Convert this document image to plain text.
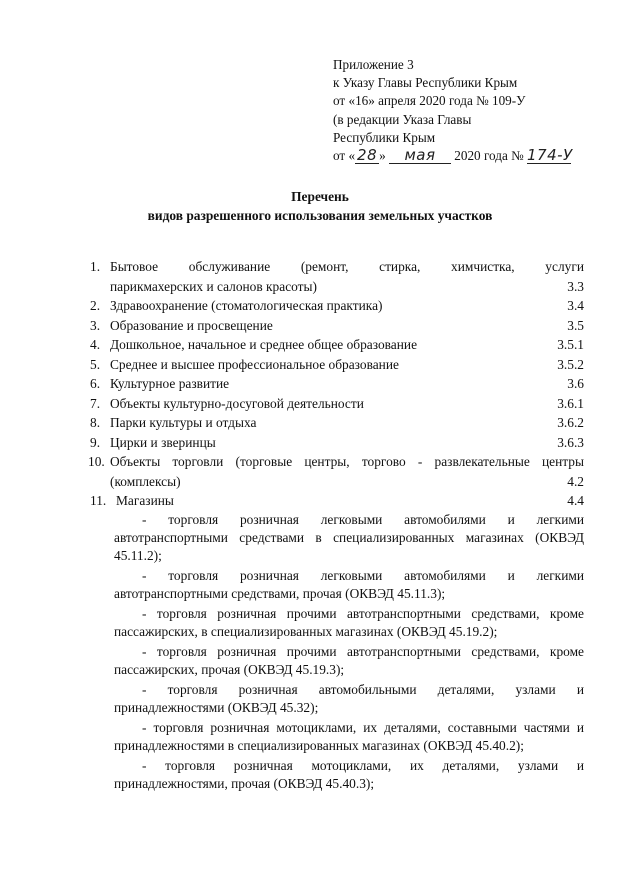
Приложение 3
к Указу Главы Республики Крым
от «16» апреля 2020 года № 109-У
(в редакции Указа Главы
Республики Крым
от « 28 » мая 2020 года № 174-У
Перечень
видов разрешенного использования земельных участков
1. Бытовое обслуживание (ремонт, стирка, химчистка, услуги
парикмахерских и салонов красоты)	3.3
2. Здравоохранение (стоматологическая практика)	3.4
3. Образование и просвещение	3.5
4. Дошкольное, начальное и среднее общее образование	3.5.1
5. Среднее и высшее профессиональное образование	3.5.2
6. Культурное развитие	3.6
7. Объекты культурно-досуговой деятельности	3.6.1
8. Парки культуры и отдыха	3.6.2
9. Цирки и зверинцы	3.6.3
10. Объекты торговли (торговые центры, торгово - развлекательные центры
(комплексы)	4.2
11. Магазины	4.4
- торговля розничная легковыми автомобилями и легкими автотранспортными средствами в специализированных магазинах (ОКВЭД 45.11.2);
- торговля розничная легковыми автомобилями и легкими автотранспортными средствами, прочая (ОКВЭД 45.11.3);
- торговля розничная прочими автотранспортными средствами, кроме пассажирских, в специализированных магазинах (ОКВЭД 45.19.2);
- торговля розничная прочими автотранспортными средствами, кроме пассажирских, прочая (ОКВЭД 45.19.3);
- торговля розничная автомобильными деталями, узлами и принадлежностями (ОКВЭД 45.32);
- торговля розничная мотоциклами, их деталями, составными частями и принадлежностями в специализированных магазинах (ОКВЭД 45.40.2);
- торговля розничная мотоциклами, их деталями, узлами и принадлежностями, прочая (ОКВЭД 45.40.3);
